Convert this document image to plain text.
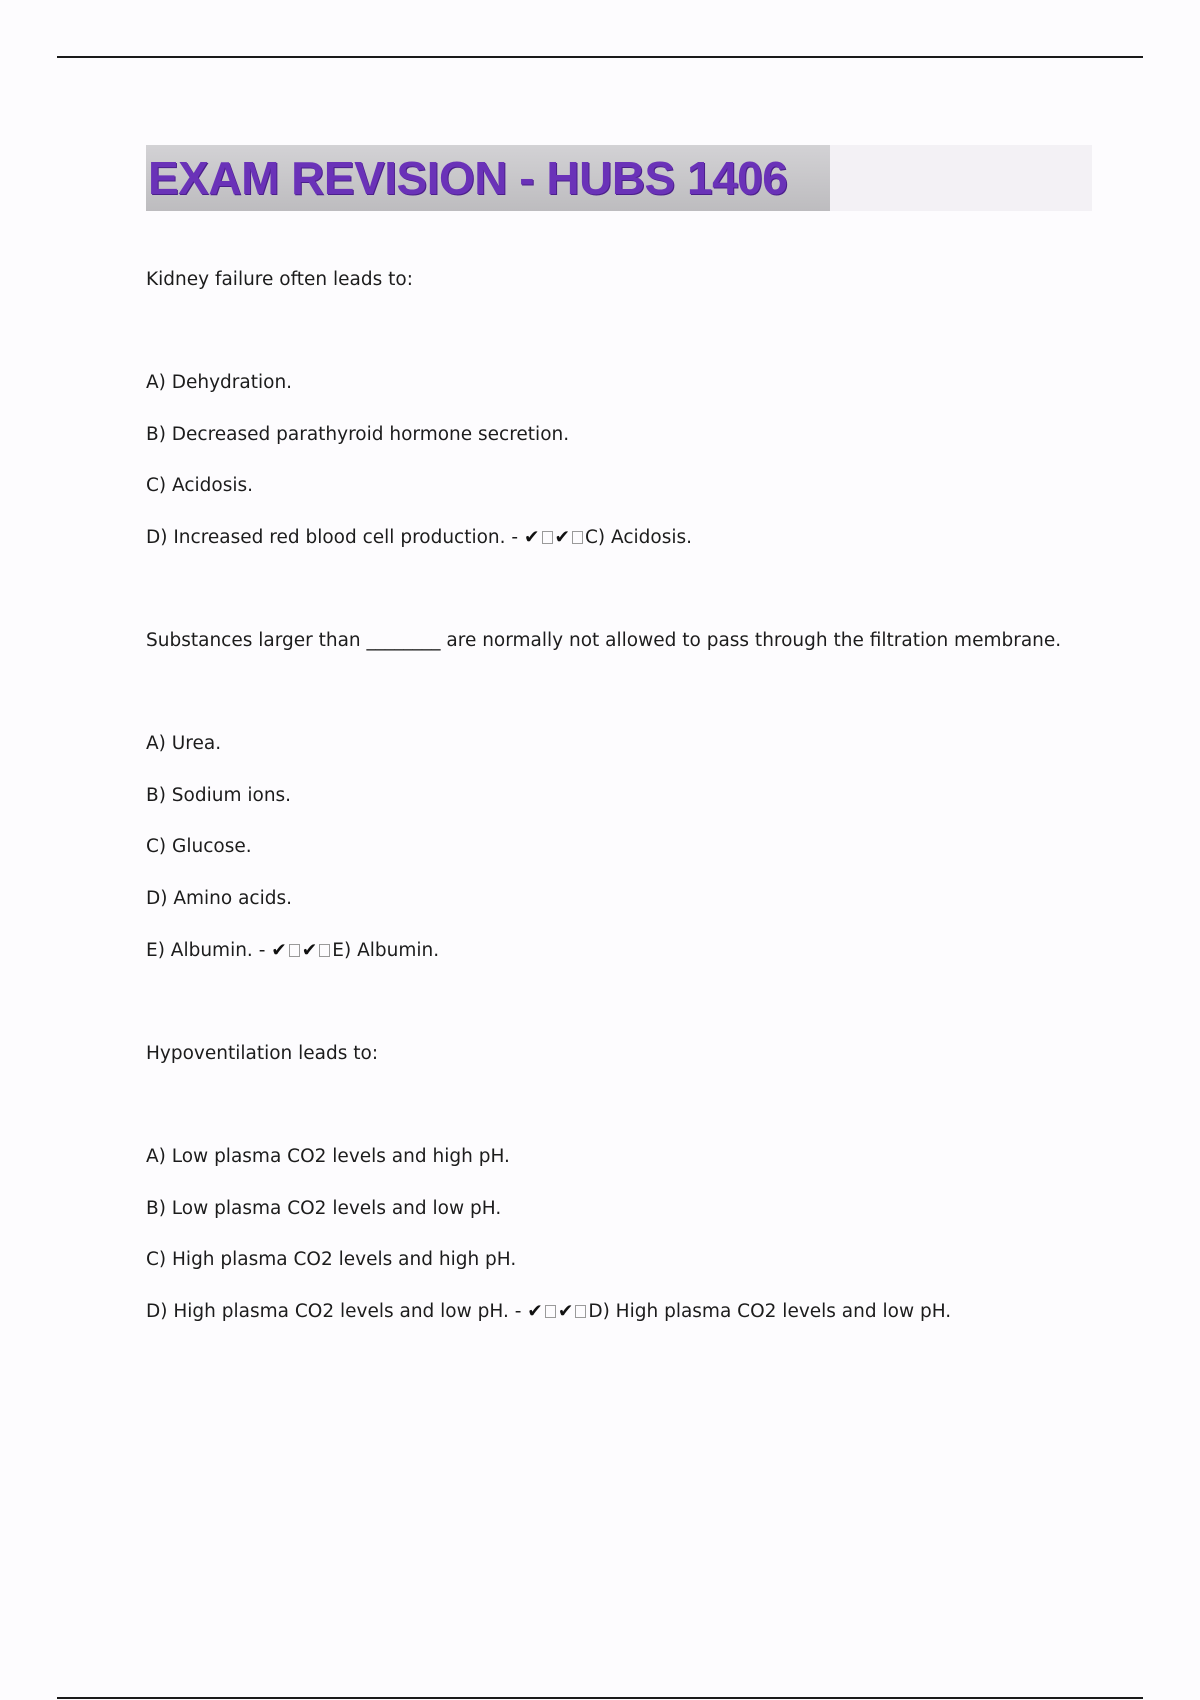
EXAM REVISION - HUBS 1406
Kidney failure often leads to:
A) Dehydration.
B) Decreased parathyroid hormone secretion.
C) Acidosis.
D) Increased red blood cell production. - ✔ ✔ C) Acidosis.
Substances larger than ________ are normally not allowed to pass through the filtration membrane.
A) Urea.
B) Sodium ions.
C) Glucose.
D) Amino acids.
E) Albumin. - ✔ ✔ E) Albumin.
Hypoventilation leads to:
A) Low plasma CO2 levels and high pH.
B) Low plasma CO2 levels and low pH.
C) High plasma CO2 levels and high pH.
D) High plasma CO2 levels and low pH. - ✔ ✔ D) High plasma CO2 levels and low pH.
